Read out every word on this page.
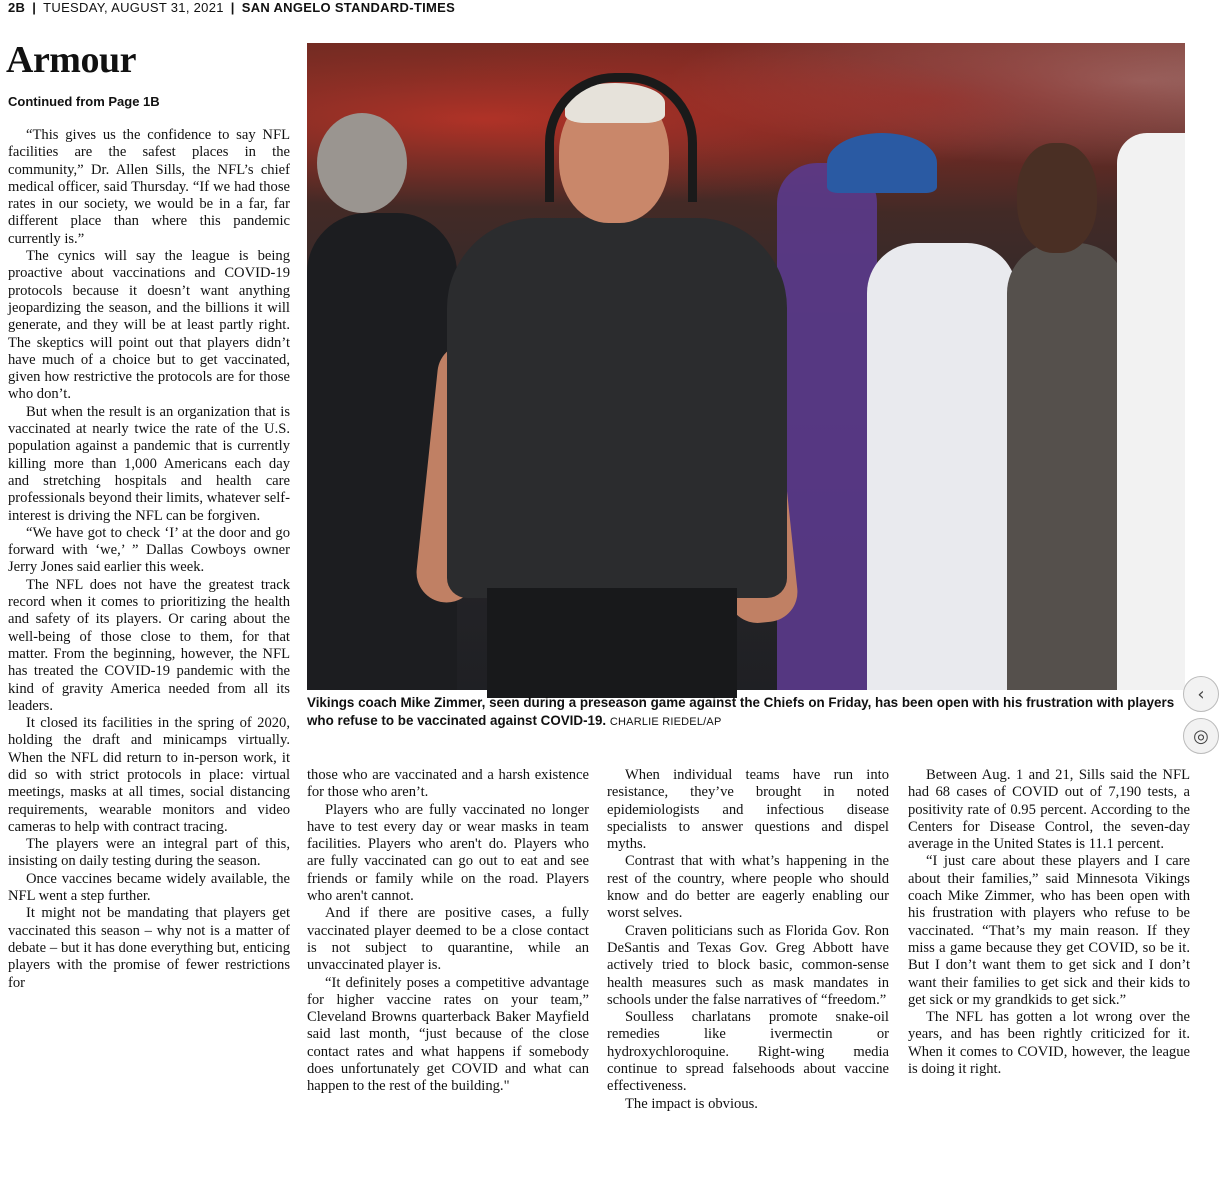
2B | TUESDAY, AUGUST 31, 2021 | SAN ANGELO STANDARD-TIMES
Armour
Continued from Page 1B

“This gives us the confidence to say NFL facilities are the safest places in the community,” Dr. Allen Sills, the NFL’s chief medical officer, said Thursday. “If we had those rates in our society, we would be in a far, far different place than where this pandemic currently is.”

The cynics will say the league is being proactive about vaccinations and COVID-19 protocols because it doesn’t want anything jeopardizing the season, and the billions it will generate, and they will be at least partly right. The skeptics will point out that players didn’t have much of a choice but to get vaccinated, given how restrictive the protocols are for those who don’t.

But when the result is an organization that is vaccinated at nearly twice the rate of the U.S. population against a pandemic that is currently killing more than 1,000 Americans each day and stretching hospitals and health care professionals beyond their limits, whatever self-interest is driving the NFL can be forgiven.

“We have got to check ‘I’ at the door and go forward with ‘we,’ ” Dallas Cowboys owner Jerry Jones said earlier this week.

The NFL does not have the greatest track record when it comes to prioritizing the health and safety of its players. Or caring about the well-being of those close to them, for that matter. From the beginning, however, the NFL has treated the COVID-19 pandemic with the kind of gravity America needed from all its leaders.

It closed its facilities in the spring of 2020, holding the draft and minicamps virtually. When the NFL did return to in-person work, it did so with strict protocols in place: virtual meetings, masks at all times, social distancing requirements, wearable monitors and video cameras to help with contract tracing.

The players were an integral part of this, insisting on daily testing during the season.

Once vaccines became widely available, the NFL went a step further.

It might not be mandating that players get vaccinated this season – why not is a matter of debate – but it has done everything but, enticing players with the promise of fewer restrictions for

Vikings coach Mike Zimmer, seen during a preseason game against the Chiefs on Friday, has been open with his frustration with players who refuse to be vaccinated against COVID-19. CHARLIE RIEDEL/AP
‹
◎

those who are vaccinated and a harsh existence for those who aren’t.

Players who are fully vaccinated no longer have to test every day or wear masks in team facilities. Players who aren't do. Players who are fully vaccinated can go out to eat and see friends or family while on the road. Players who aren't cannot.

And if there are positive cases, a fully vaccinated player deemed to be a close contact is not subject to quarantine, while an unvaccinated player is.

“It definitely poses a competitive advantage for higher vaccine rates on your team,” Cleveland Browns quarterback Baker Mayfield said last month, “just because of the close contact rates and what happens if somebody does unfortunately get COVID and what can happen to the rest of the building."

When individual teams have run into resistance, they’ve brought in noted epidemiologists and infectious disease specialists to answer questions and dispel myths.

Contrast that with what’s happening in the rest of the country, where people who should know and do better are eagerly enabling our worst selves.

Craven politicians such as Florida Gov. Ron DeSantis and Texas Gov. Greg Abbott have actively tried to block basic, common-sense health measures such as mask mandates in schools under the false narratives of “freedom.”

Soulless charlatans promote snake-oil remedies like ivermectin or hydroxychloroquine. Right-wing media continue to spread falsehoods about vaccine effectiveness.

The impact is obvious.

Between Aug. 1 and 21, Sills said the NFL had 68 cases of COVID out of 7,190 tests, a positivity rate of 0.95 percent. According to the Centers for Disease Control, the seven-day average in the United States is 11.1 percent.

“I just care about these players and I care about their families,” said Minnesota Vikings coach Mike Zimmer, who has been open with his frustration with players who refuse to be vaccinated. “That’s my main reason. If they miss a game because they get COVID, so be it. But I don’t want them to get sick and I don’t want their families to get sick and their kids to get sick or my grandkids to get sick.”

The NFL has gotten a lot wrong over the years, and has been rightly criticized for it. When it comes to COVID, however, the league is doing it right.
